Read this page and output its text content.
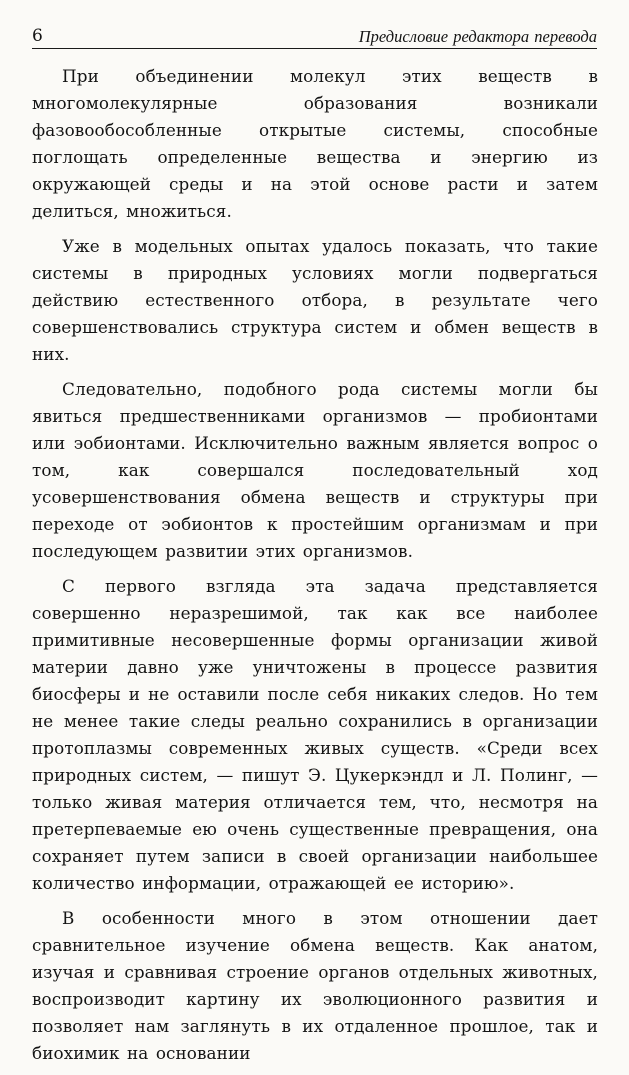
6	Предисловие редактора перевода

При объединении молекул этих веществ в многомолекулярные образования возникали фазовообособленные открытые системы, способные поглощать определенные вещества и энергию из окружающей среды и на этой основе расти и затем делиться, множиться.

Уже в модельных опытах удалось показать, что такие системы в природных условиях могли подвергаться действию естественного отбора, в результате чего совершенствовались структура систем и обмен веществ в них.

Следовательно, подобного рода системы могли бы явиться предшественниками организмов — пробионтами или эобионтами. Исключительно важным является вопрос о том, как совершался последовательный ход усовершенствования обмена веществ и структуры при переходе от эобионтов к простейшим организмам и при последующем развитии этих организмов.

С первого взгляда эта задача представляется совершенно неразрешимой, так как все наиболее примитивные несовершенные формы организации живой материи давно уже уничтожены в процессе развития биосферы и не оставили после себя никаких следов. Но тем не менее такие следы реально сохранились в организации протоплазмы современных живых существ. «Среди всех природных систем, — пишут Э. Цукеркэндл и Л. Полинг, — только живая материя отличается тем, что, несмотря на претерпеваемые ею очень существенные превращения, она сохраняет путем записи в своей организации наибольшее количество информации, отражающей ее историю».

В особенности много в этом отношении дает сравнительное изучение обмена веществ. Как анатом, изучая и сравнивая строение органов отдельных животных, воспроизводит картину их эволюционного развития и позволяет нам заглянуть в их отдаленное прошлое, так и биохимик на основании
